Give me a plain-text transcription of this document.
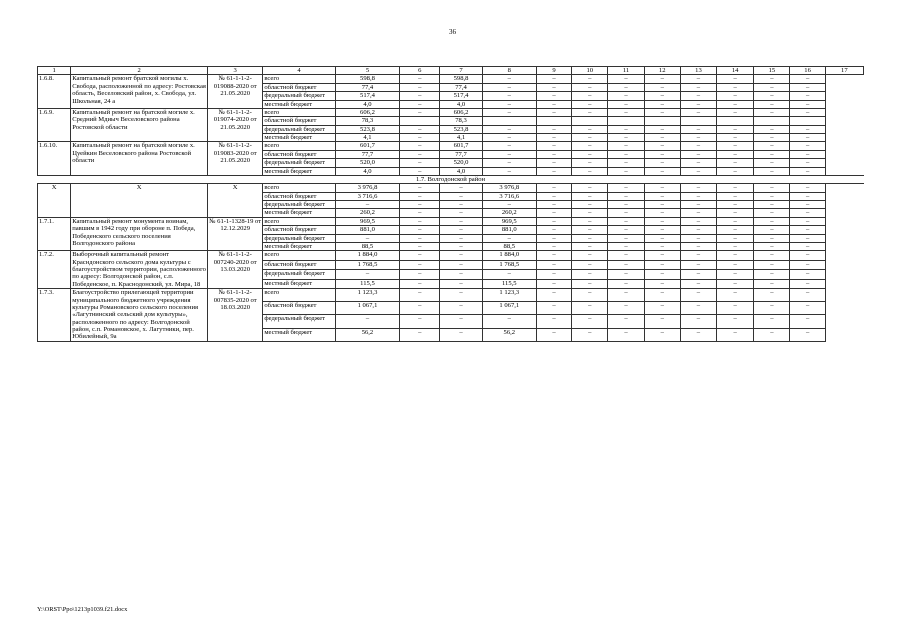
36
1	2	3	4	5	6	7	8	9	10	11	12	13	14	15	16	17
1.6.8.	Капитальный ремонт братской могилы х. Свобода, расположенной по адресу: Ростовская область, Веселовский район, х. Свобода, ул. Школьная, 24 а	№ 61-1-1-2-019088-2020 от 21.05.2020	всего	598,8	–	598,8	–	–	–	–	–	–	–	–	–	
			областной бюджет	77,4	–	77,4	–	–	–	–	–	–	–	–	–	
			федеральный бюджет	517,4	–	517,4	–	–	–	–	–	–	–	–	–	
			местный бюджет	4,0	–	4,0	–	–	–	–	–	–	–	–	–	
1.6.9.	Капитальный ремонт на братской могиле х. Средний Мдиыч Веселовского района Ростовской области	№ 61-1-1-2-019074-2020 от 21.05.2020	всего	606,2	–	606,2	–	–	–	–	–	–	–	–	–	
			областной бюджет	78,3		78,3										
			федеральный бюджет	523,8	–	523,8	–	–	–	–	–	–	–	–	–	
			местный бюджет	4,1	–	4,1	–	–	–	–	–	–	–	–	–	
1.6.10.	Капитальный ремонт на братской могиле х. Цуейкин Веселовского района Ростовской области	№ 61-1-1-2-019083-2020 от 21.05.2020	всего	601,7	–	601,7	–	–	–	–	–	–	–	–	–	
			областной бюджет	77,7	–	77,7	–	–	–	–	–	–	–	–	–	
			федеральный бюджет	520,0	–	520,0	–	–	–	–	–	–	–	–	–	
			местный бюджет	4,0	–	4,0	–	–	–	–	–	–	–	–	–	
1.7. Волгодонской район																
Х	Х	Х	всего	3 976,8	–	–	3 976,8	–	–	–	–	–	–	–	–	
			областной бюджет	3 716,6	–	–	3 716,6	–	–	–	–	–	–	–	–	
			федеральный бюджет	–	–	–	–	–	–	–	–	–	–	–	–	
			местный бюджет	260,2	–	–	260,2	–	–	–	–	–	–	–	–	
1.7.1.	Капитальный ремонт монумента воинам, павшим в 1942 году при обороне п. Победа, Победенского сельского поселения Волгодонского района	№ 61-1-1328-19 от 12.12.2029	всего	969,5	–	–	969,5	–	–	–	–	–	–	–	–	
			областной бюджет	881,0	–	–	881,0	–	–	–	–	–	–	–	–	
			федеральный бюджет	–	–	–	–	–	–	–	–	–	–	–	–	
			местный бюджет	88,5	–	–	88,5	–	–	–	–	–	–	–	–	
1.7.2.	Выборочный капитальный ремонт Красндонского сельского дома культуры с благоустройством территории, расположенного по адресу: Волгодонской район, с.п. Победенское, п. Краснодонский, ул. Мира, 18	№ 61-1-1-2-007240-2020 от 13.03.2020	всего	1 884,0	–	–	1 884,0	–	–	–	–	–	–	–	–	
			областной бюджет	1 768,5	–	–	1 768,5	–	–	–	–	–	–	–	–	
			федеральный бюджет	–	–	–	–	–	–	–	–	–	–	–	–	
			местный бюджет	115,5	–	–	115,5	–	–	–	–	–	–	–	–	
1.7.3.	Благоустройство прилегающей территории муниципального бюджетного учреждения культуры Романовского сельского поселения «Лагутнинский сельский дом культуры», расположенного по адресу: Волгодонской район, с.п. Романовское, х. Лагутники, пер. Юбилейный, 9а	№ 61-1-1-2-007835-2020 от 18.03.2020	всего	1 123,3	–	–	1 123,3	–	–	–	–	–	–	–	–	
			областной бюджет	1 067,1	–	–	1 067,1	–	–	–	–	–	–	–	–	
			федеральный бюджет	–	–	–	–	–	–	–	–	–	–	–	–	
			местный бюджет	56,2	–	–	56,2	–	–	–	–	–	–	–	–	
Y:\ORST\Ppo\1213p1039.f21.docx
